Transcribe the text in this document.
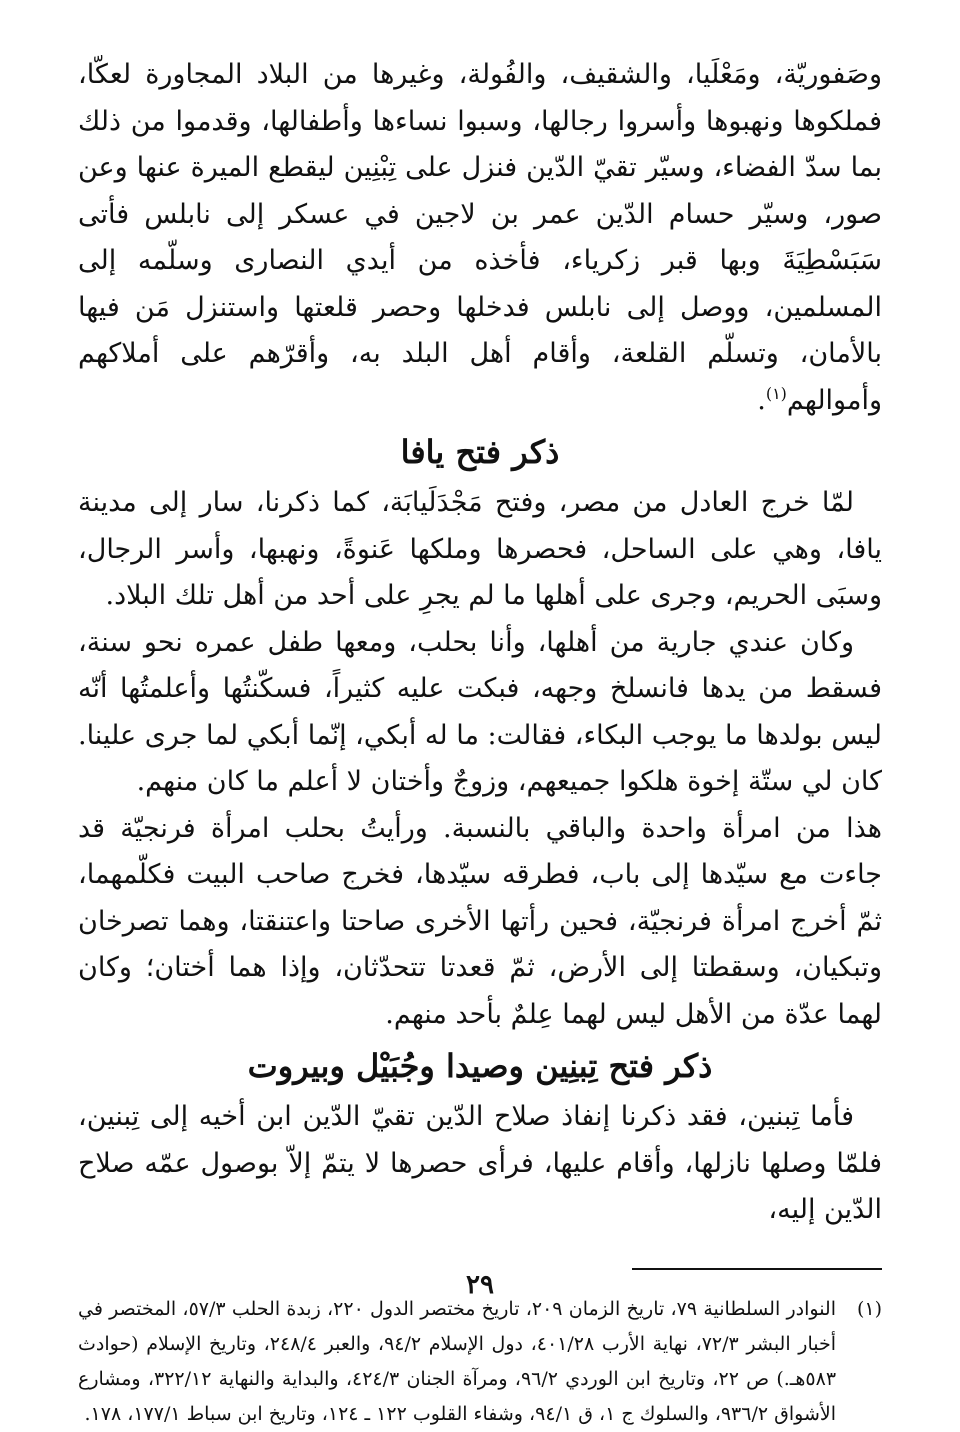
وصَفوريّة، ومَعْلَيا، والشقيف، والفُولة، وغيرها من البلاد المجاورة لعكّا، فملكوها ونهبوها وأسروا رجالها، وسبوا نساءها وأطفالها، وقدموا من ذلك بما سدّ الفضاء، وسيّر تقيّ الدّين فنزل على تِبْنِين ليقطع الميرة عنها وعن صور، وسيّر حسام الدّين عمر بن لاجين في عسكر إلى نابلس فأتى سَبَسْطِيَةَ وبها قبر زكرياء، فأخذه من أيدي النصارى وسلّمه إلى المسلمين، ووصل إلى نابلس فدخلها وحصر قلعتها واستنزل مَن فيها بالأمان، وتسلّم القلعة، وأقام أهل البلد به، وأقرّهم على أملاكهم وأموالهم$^{(١)}$.

ذكر فتح يافا

لمّا خرج العادل من مصر، وفتح مَجْدَلَيابَة، كما ذكرنا، سار إلى مدينة يافا، وهي على الساحل، فحصرها وملكها عَنوةً، ونهبها، وأسر الرجال، وسبَى الحريم، وجرى على أهلها ما لم يجرِ على أحد من أهل تلك البلاد.

وكان عندي جارية من أهلها، وأنا بحلب، ومعها طفل عمره نحو سنة، فسقط من يدها فانسلخ وجهه، فبكت عليه كثيراً، فسكّنتُها وأعلمتُها أنّه ليس بولدها ما يوجب البكاء، فقالت: ما له أبكي، إنّما أبكي لما جرى علينا. كان لي ستّة إخوة هلكوا جميعهم، وزوجٌ وأختان لا أعلم ما كان منهم.

هذا من امرأة واحدة والباقي بالنسبة. ورأيتُ بحلب امرأة فرنجيّة قد جاءت مع سيّدها إلى باب، فطرقه سيّدها، فخرج صاحب البيت فكلّمهما، ثمّ أخرج امرأة فرنجيّة، فحين رأتها الأخرى صاحتا واعتنقتا، وهما تصرخان وتبكيان، وسقطتا إلى الأرض، ثمّ قعدتا تتحدّثان، وإذا هما أختان؛ وكان لهما عدّة من الأهل ليس لهما عِلمٌ بأحد منهم.

ذكر فتح تِبنِين وصيدا وجُبَيْل وبيروت

فأما تِبنين، فقد ذكرنا إنفاذ صلاح الدّين تقيّ الدّين ابن أخيه إلى تِبنين، فلمّا وصلها نازلها، وأقام عليها، فرأى حصرها لا يتمّ إلاّ بوصول عمّه صلاح الدّين إليه،

(١)
النوادر السلطانية ٧٩، تاريخ الزمان ٢٠٩، تاريخ مختصر الدول ٢٢٠، زبدة الحلب ٥٧/٣، المختصر في أخبار البشر ٧٢/٣، نهاية الأرب ٤٠١/٢٨، دول الإسلام ٩٤/٢، والعبر ٢٤٨/٤، وتاريخ الإسلام (حوادث ٥٨٣هـ.) ص ٢٢، وتاريخ ابن الوردي ٩٦/٢، ومرآة الجنان ٤٢٤/٣، والبداية والنهاية ٣٢٢/١٢، ومشارع الأشواق ٩٣٦/٢، والسلوك ج ١، ق ٩٤/١، وشفاء القلوب ١٢٢ ـ ١٢٤، وتاريخ ابن سباط ١٧٧/١، ١٧٨.
٢٩
